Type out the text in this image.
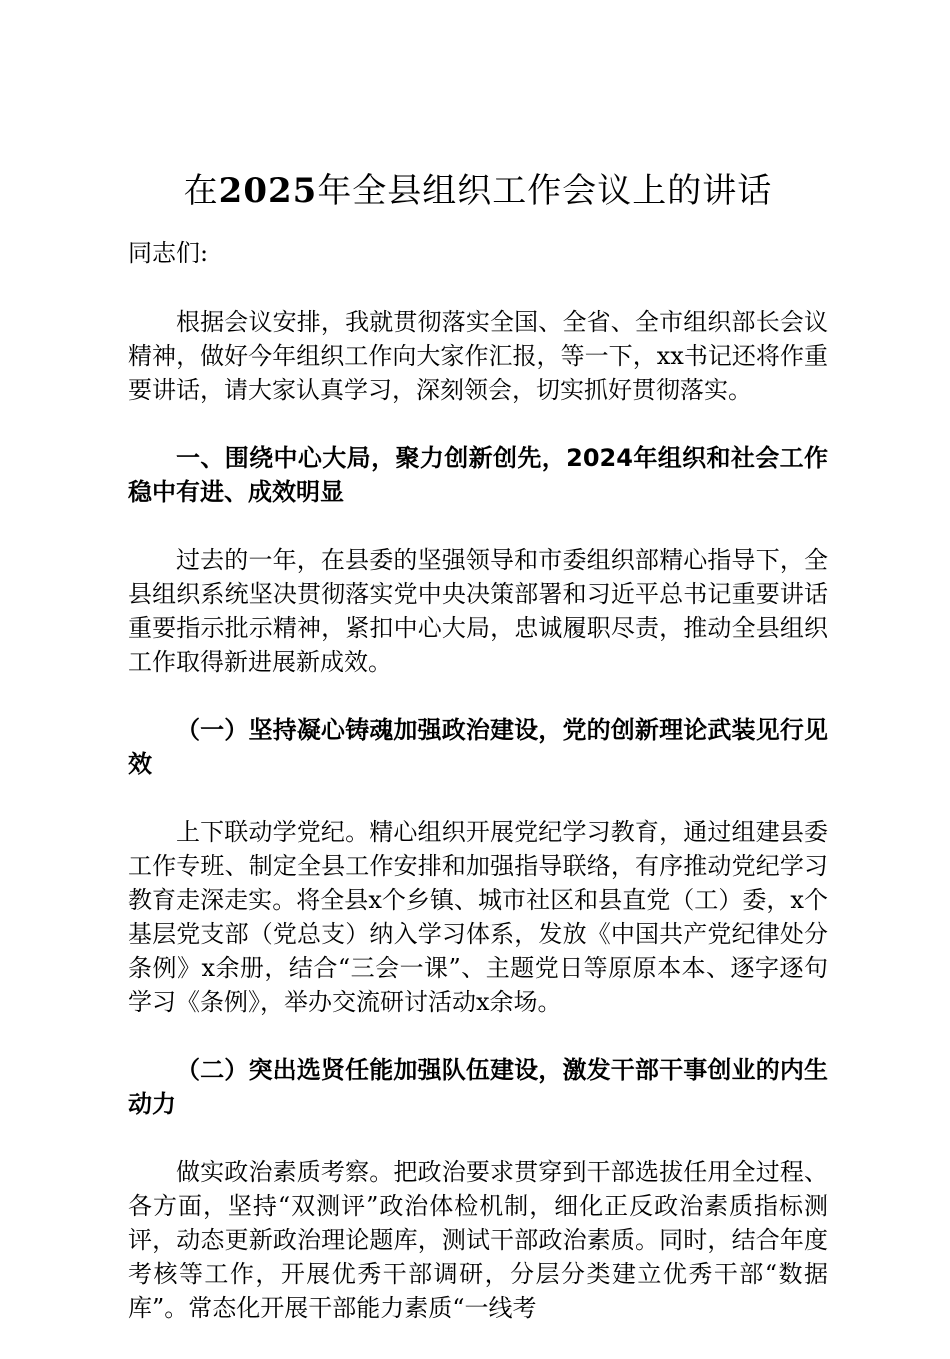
在2025年全县组织工作会议上的讲话
同志们:

根据会议安排，我就贯彻落实全国、全省、全市组织部长会议精神，做好今年组织工作向大家作汇报，等一下，xx书记还将作重要讲话，请大家认真学习，深刻领会，切实抓好贯彻落实。

一、围绕中心大局，聚力创新创先，2024年组织和社会工作稳中有进、成效明显

过去的一年，在县委的坚强领导和市委组织部精心指导下，全县组织系统坚决贯彻落实党中央决策部署和习近平总书记重要讲话重要指示批示精神，紧扣中心大局，忠诚履职尽责，推动全县组织工作取得新进展新成效。

（一）坚持凝心铸魂加强政治建设，党的创新理论武装见行见效

上下联动学党纪。精心组织开展党纪学习教育，通过组建县委工作专班、制定全县工作安排和加强指导联络，有序推动党纪学习教育走深走实。将全县x个乡镇、城市社区和县直党（工）委，x个基层党支部（党总支）纳入学习体系，发放《中国共产党纪律处分条例》x余册，结合“三会一课”、主题党日等原原本本、逐字逐句学习《条例》，举办交流研讨活动x余场。

（二）突出选贤任能加强队伍建设，激发干部干事创业的内生动力

做实政治素质考察。把政治要求贯穿到干部选拔任用全过程、各方面，坚持“双测评”政治体检机制，细化正反政治素质指标测评，动态更新政治理论题库，测试干部政治素质。同时，结合年度考核等工作，开展优秀干部调研，分层分类建立优秀干部“数据库”。常态化开展干部能力素质“一线考
